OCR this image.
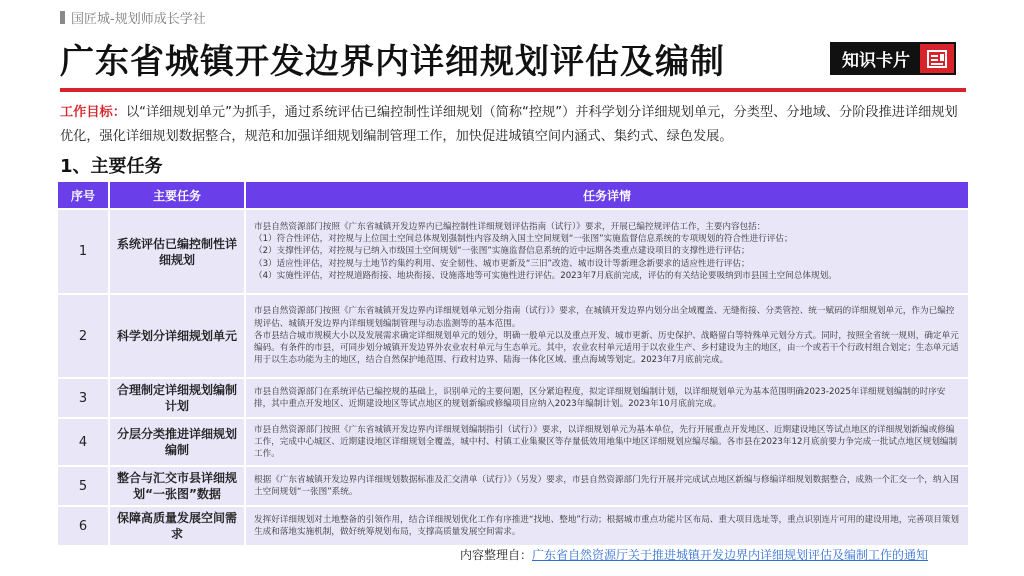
国匠城-规划师成长学社
广东省城镇开发边界内详细规划评估及编制	知识卡片
工作目标：以“详细规划单元”为抓手，通过系统评估已编控制性详细规划（简称“控规”）并科学划分详细规划单元，分类型、分地域、分阶段推进详细规划优化，强化详细规划数据整合，规范和加强详细规划编制管理工作，加快促进城镇空间内涵式、集约式、绿色发展。
1、主要任务
序号	主要任务	任务详情
1	系统评估已编控制性详细规划	市县自然资源部门按照《广东省城镇开发边界内已编控制性详细规划评估指南（试行）》要求，开展已编控规评估工作，主要内容包括：
（1）符合性评估，对控规与上位国土空间总体规划强制性内容及纳入国土空间规划“一张图”实施监督信息系统的专项规划的符合性进行评估；
（2）支撑性评估，对控规与已纳入市级国土空间规划“一张图”实施监督信息系统的近中远期各类重点建设项目的支撑性进行评估；
（3）适应性评估，对控规与土地节约集约利用、安全韧性、城市更新及“三旧”改造、城市设计等新理念新要求的适应性进行评估；
（4）实施性评估，对控规道路衔接、地块衔接、设施落地等可实施性进行评估。2023年7月底前完成，评估的有关结论要吸纳到市县国土空间总体规划。

2	科学划分详细规划单元	市县自然资源部门按照《广东省城镇开发边界内详细规划单元划分指南（试行）》要求，在城镇开发边界内划分出全域覆盖、无缝衔接、分类管控、统一赋码的详细规划单元，作为已编控规评估、城镇开发边界内详细规划编制管理与动态监测等的基本范围。
各市县结合城市规模大小以及发展需求确定详细规划单元的划分，明确一般单元以及重点开发、城市更新、历史保护、战略留白等特殊单元划分方式。同时，按照全省统一规则，确定单元编码。有条件的市县，可同步划分城镇开发边界外农业农村单元与生态单元。其中，农业农村单元适用于以农业生产、乡村建设为主的地区，由一个或若干个行政村组合划定；生态单元适用于以生态功能为主的地区，结合自然保护地范围、行政村边界、陆海一体化区域、重点海域等划定。2023年7月底前完成。

3	合理制定详细规划编制计划	市县自然资源部门在系统评估已编控规的基础上，识别单元的主要问题，区分紧迫程度，拟定详细规划编制计划，以详细规划单元为基本范围明确2023-2025年详细规划编制的时序安排，其中重点开发地区、近期建设地区等试点地区的规划新编或修编项目应纳入2023年编制计划。2023年10月底前完成。

4	分层分类推进详细规划编制	市县自然资源部门按照《广东省城镇开发边界内详细规划编制指引（试行）》要求，以详细规划单元为基本单位，先行开展重点开发地区、近期建设地区等试点地区的详细规划新编或修编工作，完成中心城区、近期建设地区详细规划全覆盖，城中村、村镇工业集聚区等存量低效用地集中地区详细规划应编尽编。各市县在2023年12月底前要力争完成一批试点地区规划编制工作。

5	整合与汇交市县详细规划“一张图”数据	根据《广东省城镇开发边界内详细规划数据标准及汇交清单（试行）》（另发）要求，市县自然资源部门先行开展并完成试点地区新编与修编详细规划数据整合，成熟一个汇交一个，纳入国土空间规划“一张图”系统。

6	保障高质量发展空间需求	发挥好详细规划对土地整备的引领作用，结合详细规划优化工作有序推进“找地、整地”行动；根据城市重点功能片区布局、重大项目选址等，重点识别连片可用的建设用地，完善项目策划生成和落地实施机制，做好统筹规划布局，支撑高质量发展空间需求。
内容整理自：广东省自然资源厅关于推进城镇开发边界内详细规划评估及编制工作的通知
